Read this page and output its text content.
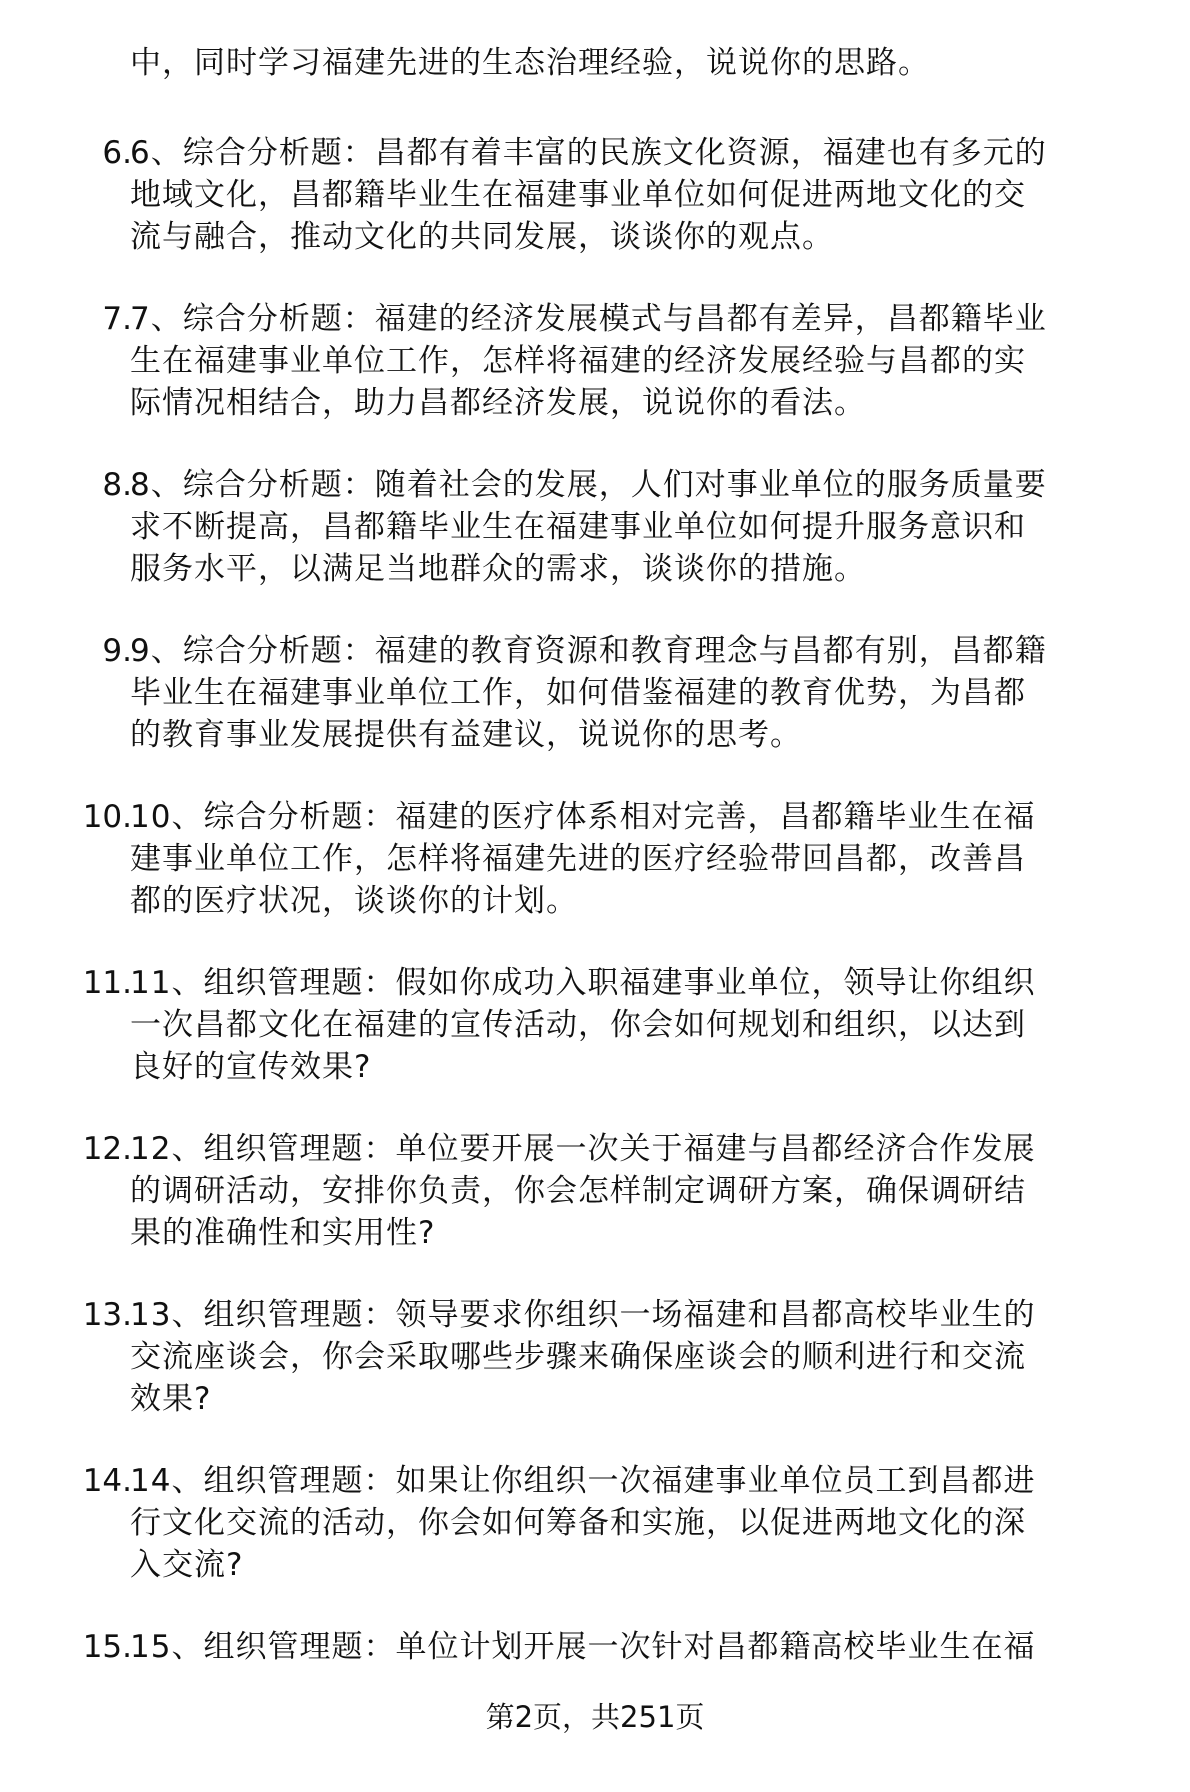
中，同时学习福建先进的生态治理经验，说说你的思路。
6.
6、综合分析题：昌都有着丰富的民族文化资源，福建也有多元的
地域文化，昌都籍毕业生在福建事业单位如何促进两地文化的交
流与融合，推动文化的共同发展，谈谈你的观点。
7.
7、综合分析题：福建的经济发展模式与昌都有差异，昌都籍毕业
生在福建事业单位工作，怎样将福建的经济发展经验与昌都的实
际情况相结合，助力昌都经济发展，说说你的看法。
8.
8、综合分析题：随着社会的发展，人们对事业单位的服务质量要
求不断提高，昌都籍毕业生在福建事业单位如何提升服务意识和
服务水平，以满足当地群众的需求，谈谈你的措施。
9.
9、综合分析题：福建的教育资源和教育理念与昌都有别，昌都籍
毕业生在福建事业单位工作，如何借鉴福建的教育优势，为昌都
的教育事业发展提供有益建议，说说你的思考。
10.
10、综合分析题：福建的医疗体系相对完善，昌都籍毕业生在福
建事业单位工作，怎样将福建先进的医疗经验带回昌都，改善昌
都的医疗状况，谈谈你的计划。
11.
11、组织管理题：假如你成功入职福建事业单位，领导让你组织
一次昌都文化在福建的宣传活动，你会如何规划和组织，以达到
良好的宣传效果?
12.
12、组织管理题：单位要开展一次关于福建与昌都经济合作发展
的调研活动，安排你负责，你会怎样制定调研方案，确保调研结
果的准确性和实用性?
13.
13、组织管理题：领导要求你组织一场福建和昌都高校毕业生的
交流座谈会，你会采取哪些步骤来确保座谈会的顺利进行和交流
效果?
14.
14、组织管理题：如果让你组织一次福建事业单位员工到昌都进
行文化交流的活动，你会如何筹备和实施，以促进两地文化的深
入交流?
15.
15、组织管理题：单位计划开展一次针对昌都籍高校毕业生在福
第2页，共251页
